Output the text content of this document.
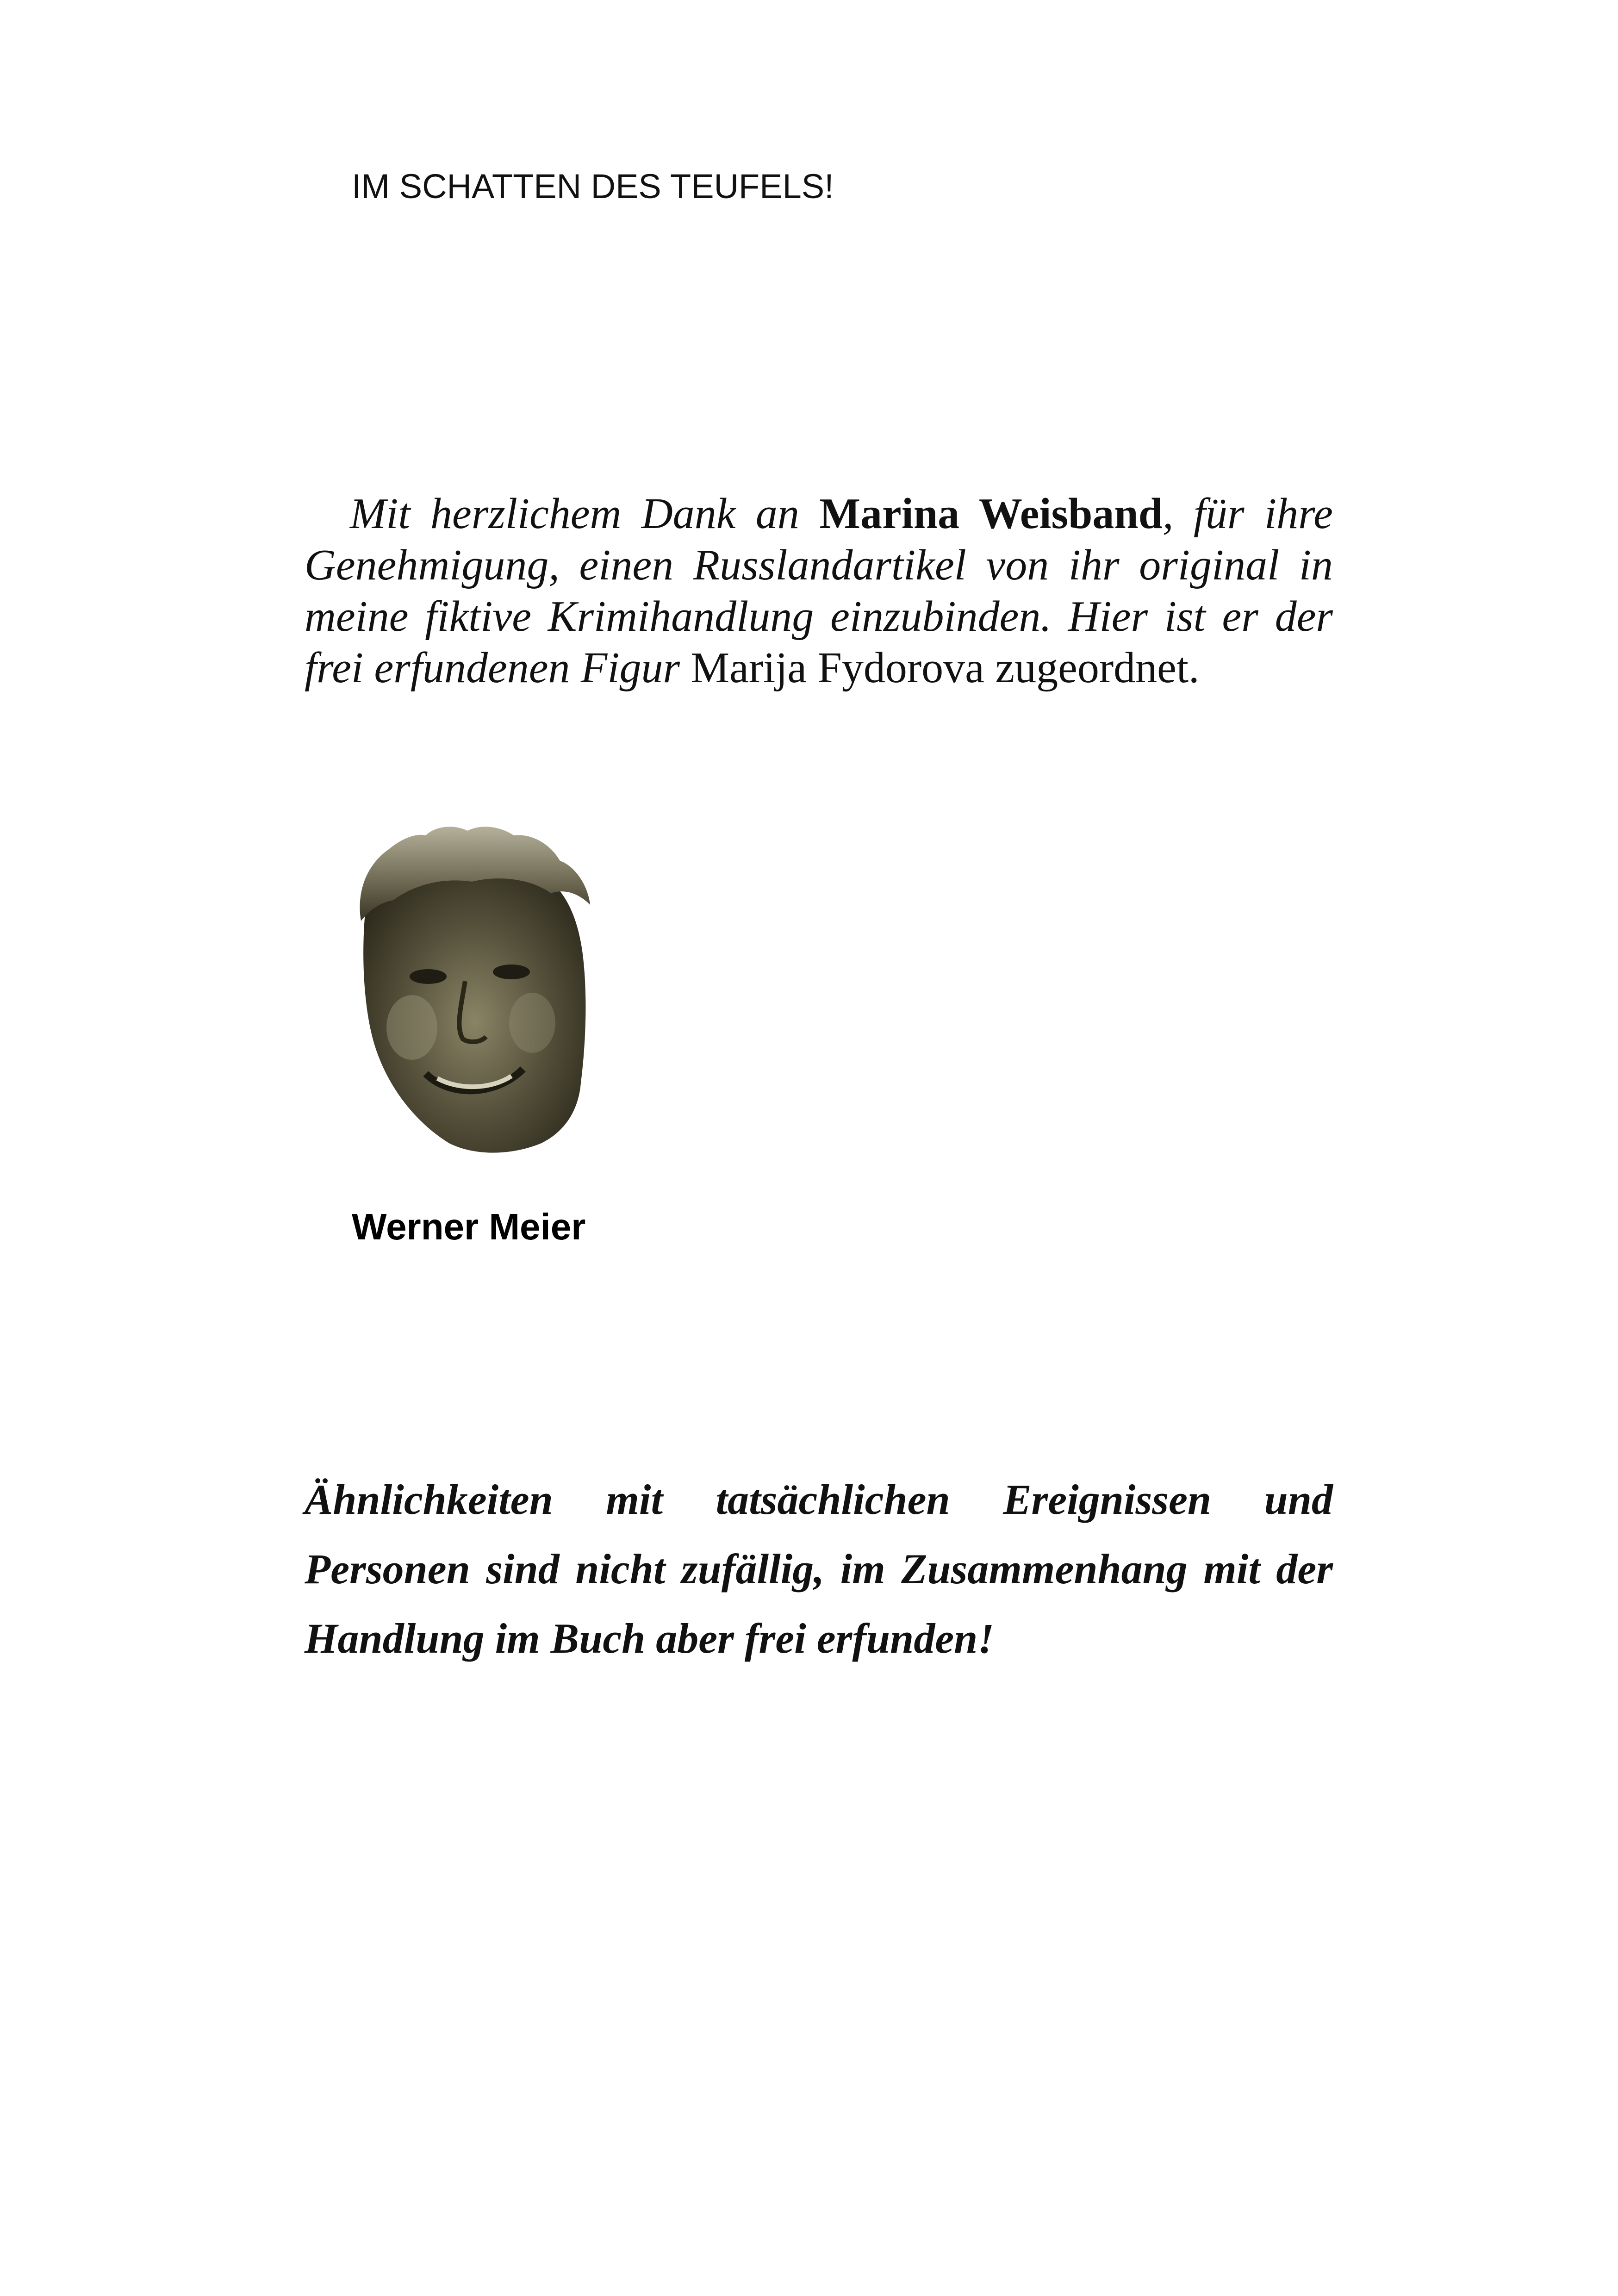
IM SCHATTEN DES TEUFELS!

Mit herzlichem Dank an Marina Weisband, für ihre Genehmigung, einen Russlandartikel von ihr original in meine fiktive Krimihandlung einzubinden. Hier ist er der frei erfundenen Figur Marija Fydorova zugeordnet.

Werner Meier

Ähnlichkeiten mit tatsächlichen Ereignissen und Personen sind nicht zufällig, im Zusammenhang mit der Handlung im Buch aber frei erfunden!
